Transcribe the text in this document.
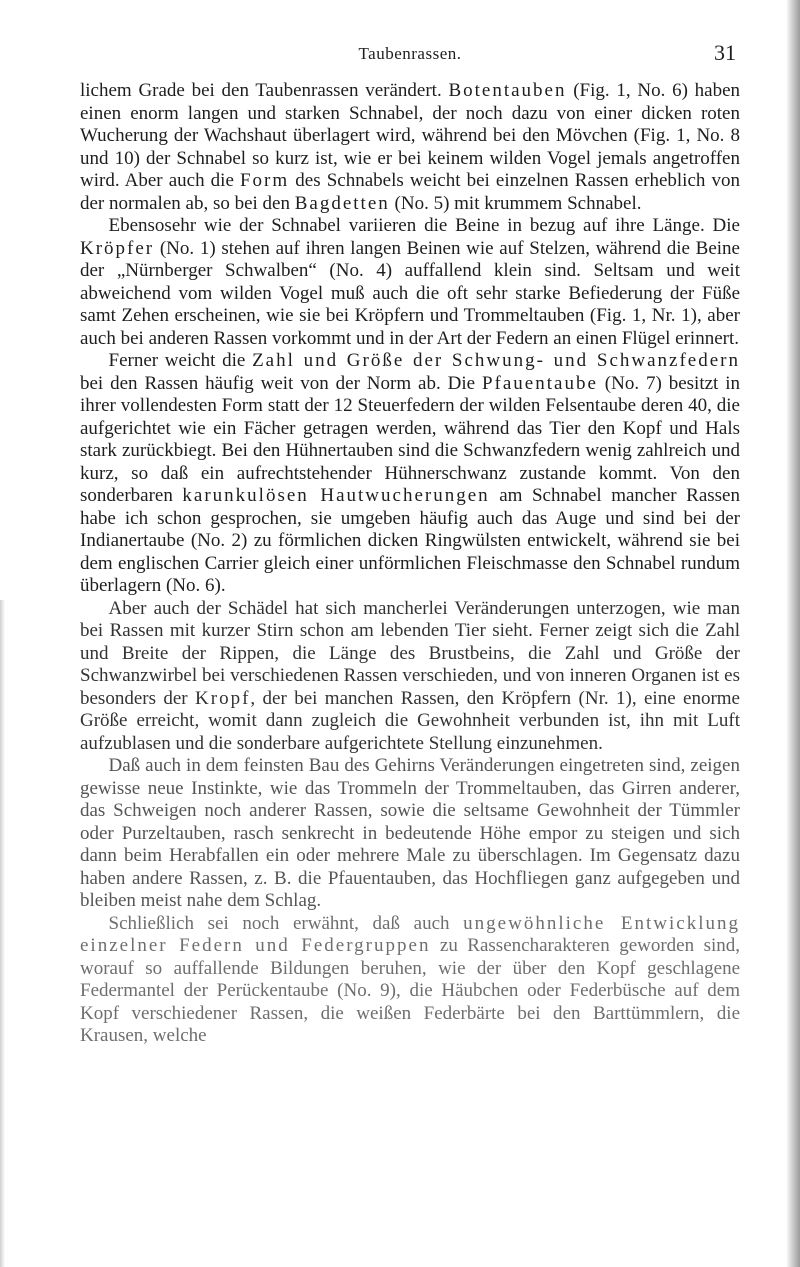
Taubenrassen.	31

lichem Grade bei den Taubenrassen verändert. Botentauben (Fig. 1, No. 6) haben einen enorm langen und starken Schnabel, der noch dazu von einer dicken roten Wucherung der Wachshaut überlagert wird, während bei den Mövchen (Fig. 1, No. 8 und 10) der Schnabel so kurz ist, wie er bei keinem wilden Vogel jemals angetroffen wird. Aber auch die Form des Schnabels weicht bei einzelnen Rassen erheblich von der normalen ab, so bei den Bagdetten (No. 5) mit krummem Schnabel.

Ebensosehr wie der Schnabel variieren die Beine in bezug auf ihre Länge. Die Kröpfer (No. 1) stehen auf ihren langen Beinen wie auf Stelzen, während die Beine der „Nürnberger Schwalben“ (No. 4) auffallend klein sind. Seltsam und weit abweichend vom wilden Vogel muß auch die oft sehr starke Befiederung der Füße samt Zehen erscheinen, wie sie bei Kröpfern und Trommeltauben (Fig. 1, Nr. 1), aber auch bei anderen Rassen vorkommt und in der Art der Federn an einen Flügel erinnert.

Ferner weicht die Zahl und Größe der Schwung- und Schwanzfedern bei den Rassen häufig weit von der Norm ab. Die Pfauentaube (No. 7) besitzt in ihrer vollendesten Form statt der 12 Steuerfedern der wilden Felsentaube deren 40, die aufgerichtet wie ein Fächer getragen werden, während das Tier den Kopf und Hals stark zurückbiegt. Bei den Hühnertauben sind die Schwanzfedern wenig zahlreich und kurz, so daß ein aufrechtstehender Hühnerschwanz zustande kommt. Von den sonderbaren karunkulösen Hautwucherungen am Schnabel mancher Rassen habe ich schon gesprochen, sie umgeben häufig auch das Auge und sind bei der Indianertaube (No. 2) zu förmlichen dicken Ringwülsten entwickelt, während sie bei dem englischen Carrier gleich einer unförmlichen Fleischmasse den Schnabel rundum überlagern (No. 6).

Aber auch der Schädel hat sich mancherlei Veränderungen unterzogen, wie man bei Rassen mit kurzer Stirn schon am lebenden Tier sieht. Ferner zeigt sich die Zahl und Breite der Rippen, die Länge des Brustbeins, die Zahl und Größe der Schwanzwirbel bei verschiedenen Rassen verschieden, und von inneren Organen ist es besonders der Kropf, der bei manchen Rassen, den Kröpfern (Nr. 1), eine enorme Größe erreicht, womit dann zugleich die Gewohnheit verbunden ist, ihn mit Luft aufzublasen und die sonderbare aufgerichtete Stellung einzunehmen.

Daß auch in dem feinsten Bau des Gehirns Veränderungen eingetreten sind, zeigen gewisse neue Instinkte, wie das Trommeln der Trommeltauben, das Girren anderer, das Schweigen noch anderer Rassen, sowie die seltsame Gewohnheit der Tümmler oder Purzeltauben, rasch senkrecht in bedeutende Höhe empor zu steigen und sich dann beim Herabfallen ein oder mehrere Male zu überschlagen. Im Gegensatz dazu haben andere Rassen, z. B. die Pfauentauben, das Hochfliegen ganz aufgegeben und bleiben meist nahe dem Schlag.

Schließlich sei noch erwähnt, daß auch ungewöhnliche Entwicklung einzelner Federn und Federgruppen zu Rassencharakteren geworden sind, worauf so auffallende Bildungen beruhen, wie der über den Kopf geschlagene Federmantel der Perückentaube (No. 9), die Häubchen oder Federbüsche auf dem Kopf verschiedener Rassen, die weißen Federbärte bei den Barttümmlern, die Krausen, welche
